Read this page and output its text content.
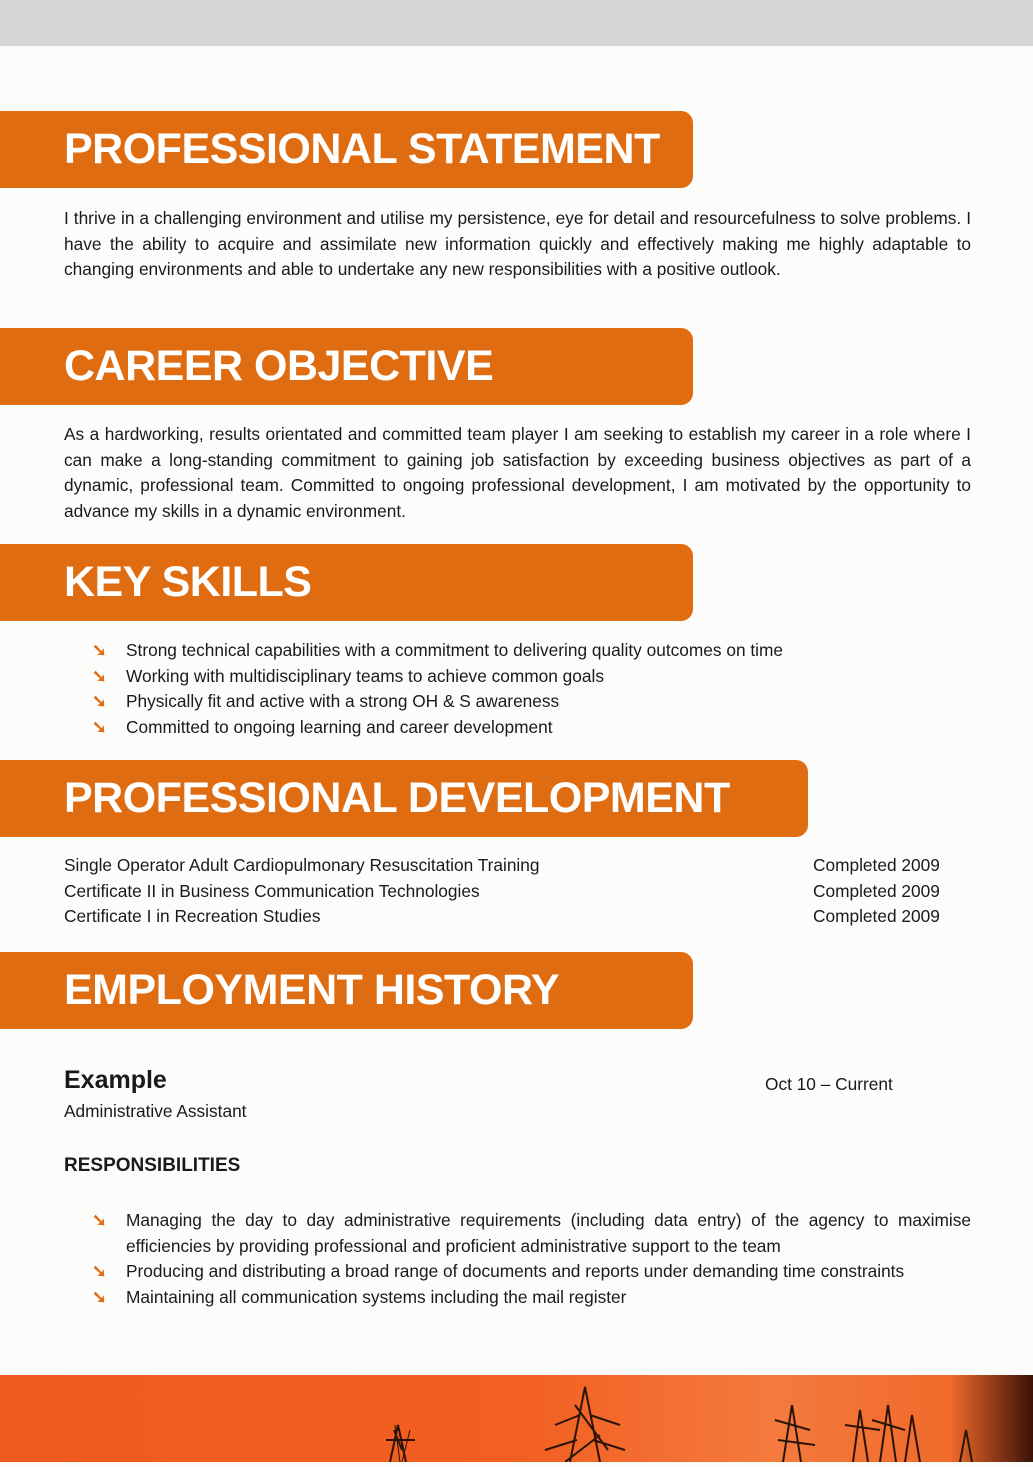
PROFESSIONAL STATEMENT

I thrive in a challenging environment and utilise my persistence, eye for detail and resourcefulness to solve problems. I have the ability to acquire and assimilate new information quickly and effectively making me highly adaptable to changing environments and able to undertake any new responsibilities with a positive outlook.

CAREER OBJECTIVE

As a hardworking, results orientated and committed team player I am seeking to establish my career in a role where I can make a long-standing commitment to gaining job satisfaction by exceeding business objectives as part of a dynamic, professional team. Committed to ongoing professional development, I am motivated by the opportunity to advance my skills in a dynamic environment.

KEY SKILLS
➘ Strong technical capabilities with a commitment to delivering quality outcomes on time
➘ Working with multidisciplinary teams to achieve common goals
➘ Physically fit and active with a strong OH & S awareness
➘ Committed to ongoing learning and career development
PROFESSIONAL DEVELOPMENT
Single Operator Adult Cardiopulmonary Resuscitation Training	Completed 2009
Certificate II in Business Communication Technologies	Completed 2009
Certificate I in Recreation Studies	Completed 2009
EMPLOYMENT HISTORY
Example	Oct 10 – Current
Administrative Assistant
RESPONSIBILITIES
➘ Managing the day to day administrative requirements (including data entry) of the agency to maximise efficiencies by providing professional and proficient administrative support to the team
➘ Producing and distributing a broad range of documents and reports under demanding time constraints
➘ Maintaining all communication systems including the mail register
